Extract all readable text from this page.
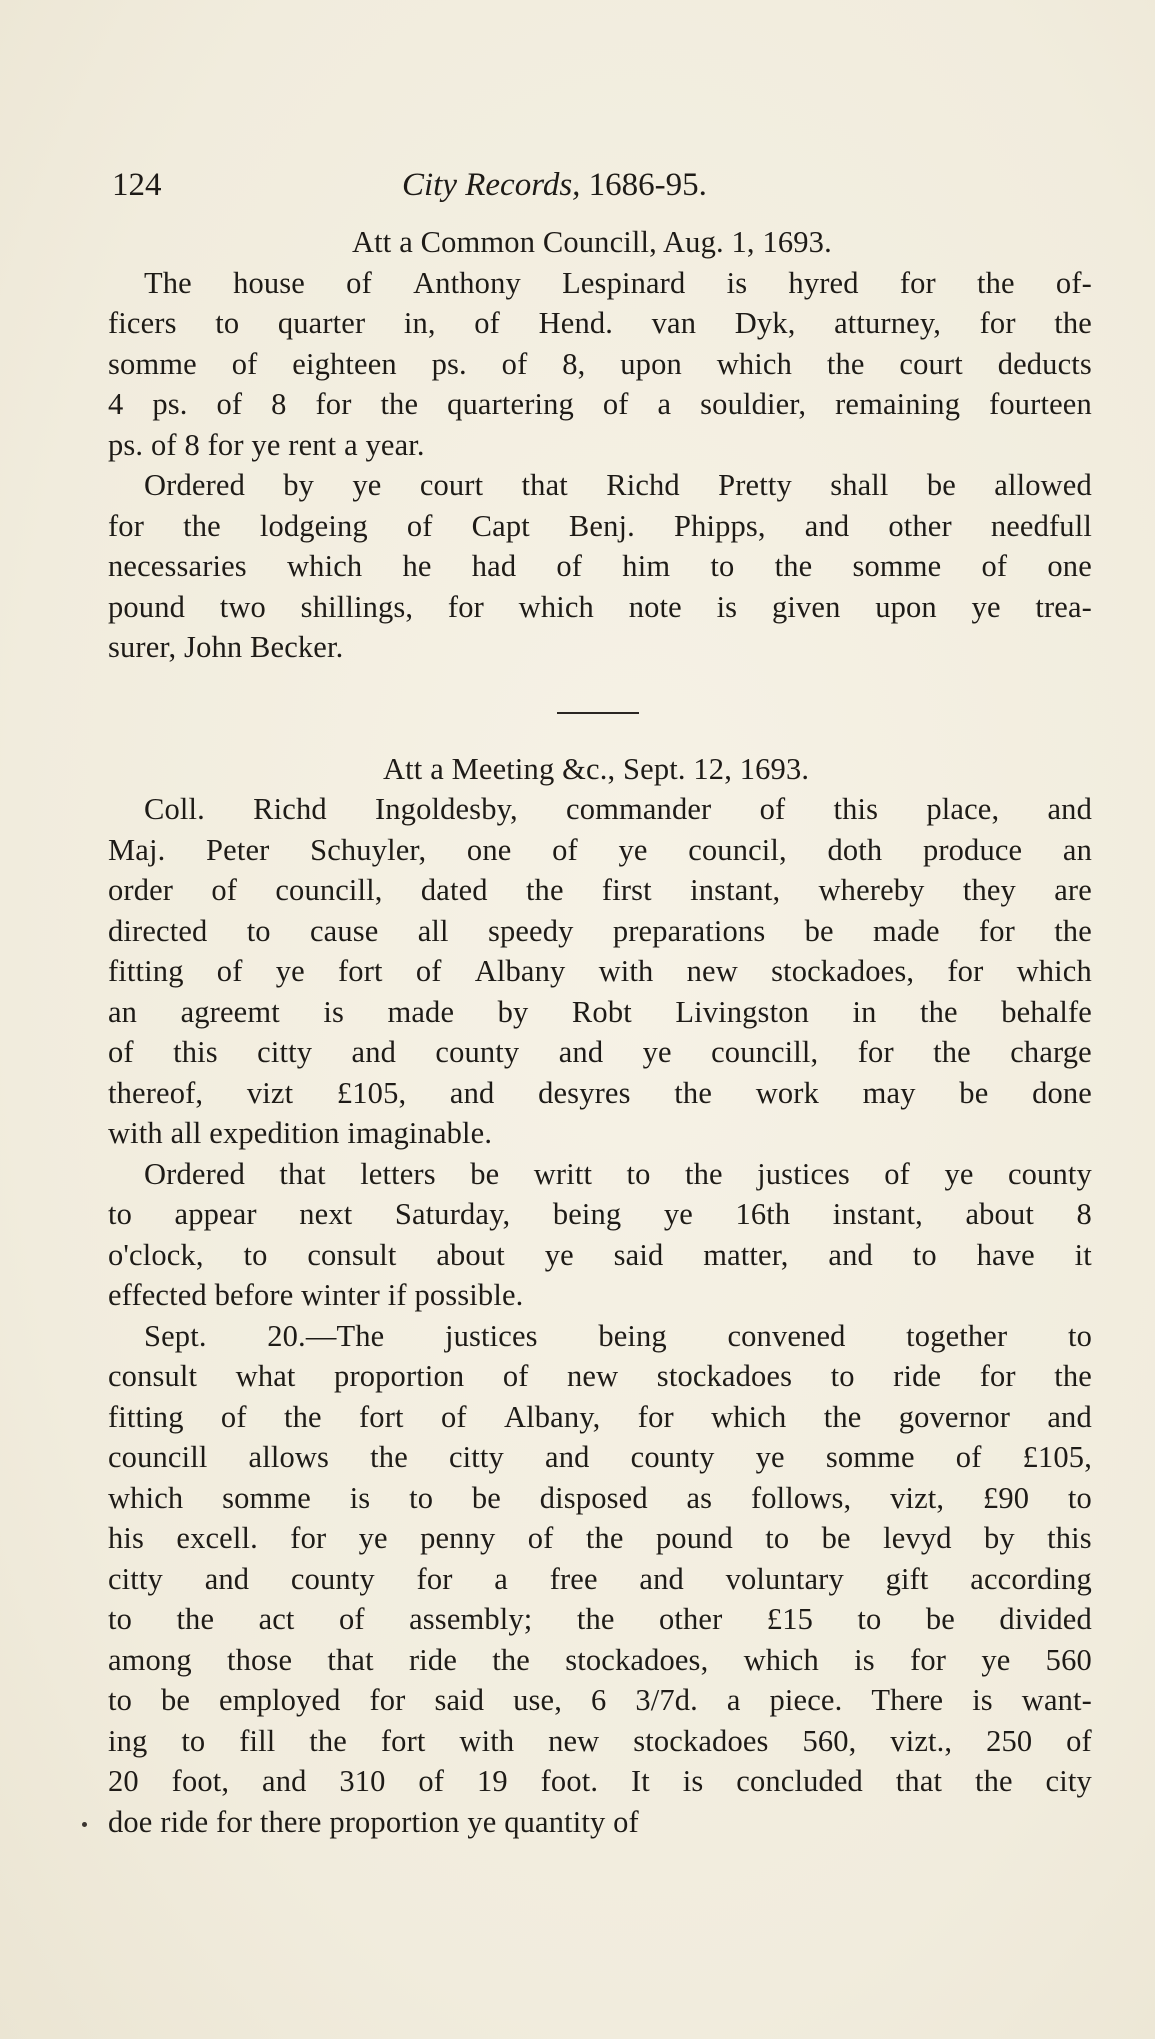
124	City Records, 1686-95.
Att a Common Councill, Aug. 1, 1693.
The house of Anthony Lespinard is hyred for the of-
ficers to quarter in, of Hend. van Dyk, atturney, for the
somme of eighteen ps. of 8, upon which the court deducts
4 ps. of 8 for the quartering of a souldier, remaining fourteen
ps. of 8 for ye rent a year.
Ordered by ye court that Richd Pretty shall be allowed
for the lodgeing of Capt Benj. Phipps, and other needfull
necessaries which he had of him to the somme of one
pound two shillings, for which note is given upon ye trea-
surer, John Becker.
Att a Meeting &c., Sept. 12, 1693.
Coll. Richd Ingoldesby, commander of this place, and
Maj. Peter Schuyler, one of ye council, doth produce an
order of councill, dated the first instant, whereby they are
directed to cause all speedy preparations be made for the
fitting of ye fort of Albany with new stockadoes, for which
an agreemt is made by Robt Livingston in the behalfe
of this citty and county and ye councill, for the charge
thereof, vizt £105, and desyres the work may be done
with all expedition imaginable.
Ordered that letters be writt to the justices of ye county
to appear next Saturday, being ye 16th instant, about 8
o'clock, to consult about ye said matter, and to have it
effected before winter if possible.
Sept. 20.—The justices being convened together to
consult what proportion of new stockadoes to ride for the
fitting of the fort of Albany, for which the governor and
councill allows the citty and county ye somme of £105,
which somme is to be disposed as follows, vizt, £90 to
his excell. for ye penny of the pound to be levyd by this
citty and county for a free and voluntary gift according
to the act of assembly; the other £15 to be divided
among those that ride the stockadoes, which is for ye 560
to be employed for said use, 6 3/7d. a piece. There is want-
ing to fill the fort with new stockadoes 560, vizt., 250 of
20 foot, and 310 of 19 foot. It is concluded that the city
doe ride for there proportion ye quantity of
